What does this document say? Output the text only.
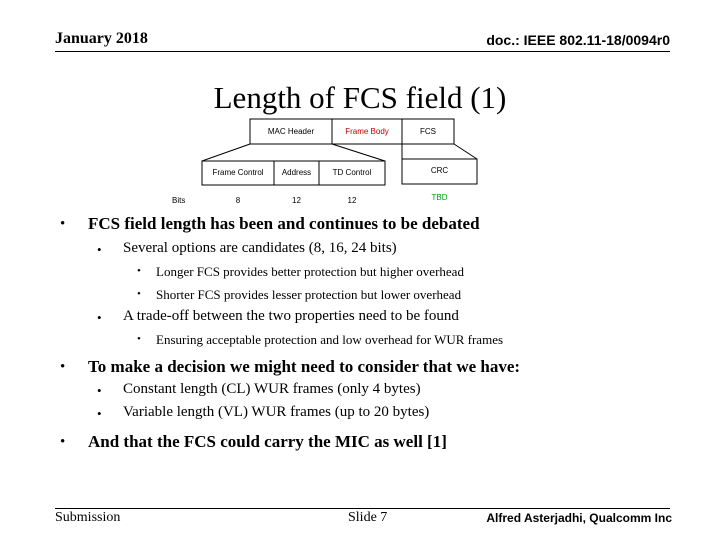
January 2018	doc.: IEEE 802.11-18/0094r0
Length of FCS field (1)
MAC Header	Frame Body	FCS
Frame Control	Address	TD Control	CRC
Bits	8	12	12	TBD
• FCS field length has been and continues to be debated
• Several options are candidates (8, 16, 24 bits)
• Longer FCS provides better protection but higher overhead
• Shorter FCS provides lesser protection but lower overhead
• A trade-off between the two properties need to be found
• Ensuring acceptable protection and low overhead for WUR frames
• To make a decision we might need to consider that we have:
• Constant length (CL) WUR frames (only 4 bytes)
• Variable length (VL) WUR frames (up to 20 bytes)
• And that the FCS could carry the MIC as well [1]
Submission	Slide 7	Alfred Asterjadhi, Qualcomm Inc
